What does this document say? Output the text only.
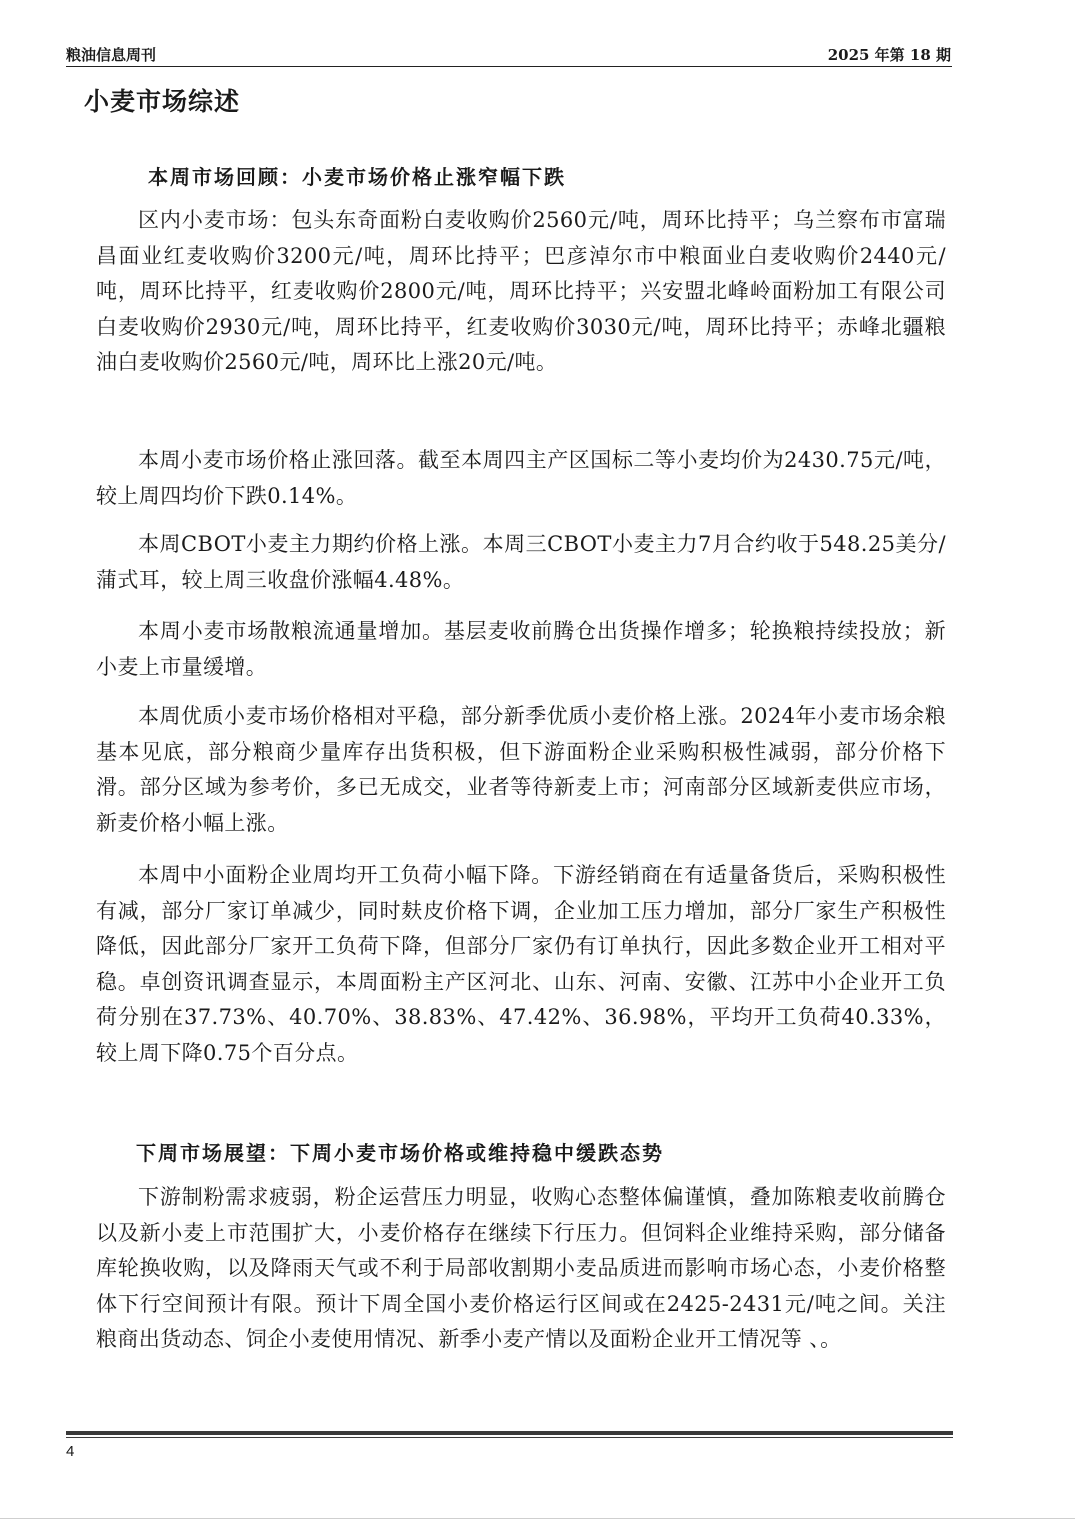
粮油信息周刊	2025 年第 18 期
小麦市场综述
本周市场回顾：小麦市场价格止涨窄幅下跌

区内小麦市场：包头东奇面粉白麦收购价2560元/吨，周环比持平；乌兰察布市富瑞昌面业红麦收购价3200元/吨，周环比持平；巴彦淖尔市中粮面业白麦收购价2440元/吨，周环比持平，红麦收购价2800元/吨，周环比持平；兴安盟北峰岭面粉加工有限公司白麦收购价2930元/吨，周环比持平，红麦收购价3030元/吨，周环比持平；赤峰北疆粮油白麦收购价2560元/吨，周环比上涨20元/吨。

本周小麦市场价格止涨回落。截至本周四主产区国标二等小麦均价为2430.75元/吨，较上周四均价下跌0.14%。

本周CBOT小麦主力期约价格上涨。本周三CBOT小麦主力7月合约收于548.25美分/蒲式耳，较上周三收盘价涨幅4.48%。

本周小麦市场散粮流通量增加。基层麦收前腾仓出货操作增多；轮换粮持续投放；新小麦上市量缓增。

本周优质小麦市场价格相对平稳，部分新季优质小麦价格上涨。2024年小麦市场余粮基本见底，部分粮商少量库存出货积极，但下游面粉企业采购积极性减弱，部分价格下滑。部分区域为参考价，多已无成交，业者等待新麦上市；河南部分区域新麦供应市场，新麦价格小幅上涨。

本周中小面粉企业周均开工负荷小幅下降。下游经销商在有适量备货后，采购积极性有减，部分厂家订单减少，同时麸皮价格下调，企业加工压力增加，部分厂家生产积极性降低，因此部分厂家开工负荷下降，但部分厂家仍有订单执行，因此多数企业开工相对平稳。卓创资讯调查显示，本周面粉主产区河北、山东、河南、安徽、江苏中小企业开工负荷分别在37.73%、40.70%、38.83%、47.42%、36.98%，平均开工负荷40.33%，较上周下降0.75个百分点。

下周市场展望：下周小麦市场价格或维持稳中缓跌态势

下游制粉需求疲弱，粉企运营压力明显，收购心态整体偏谨慎，叠加陈粮麦收前腾仓以及新小麦上市范围扩大，小麦价格存在继续下行压力。但饲料企业维持采购，部分储备库轮换收购，以及降雨天气或不利于局部收割期小麦品质进而影响市场心态，小麦价格整体下行空间预计有限。预计下周全国小麦价格运行区间或在2425-2431元/吨之间。关注粮商出货动态、饲企小麦使用情况、新季小麦产情以及面粉企业开工情况等 、。

4
